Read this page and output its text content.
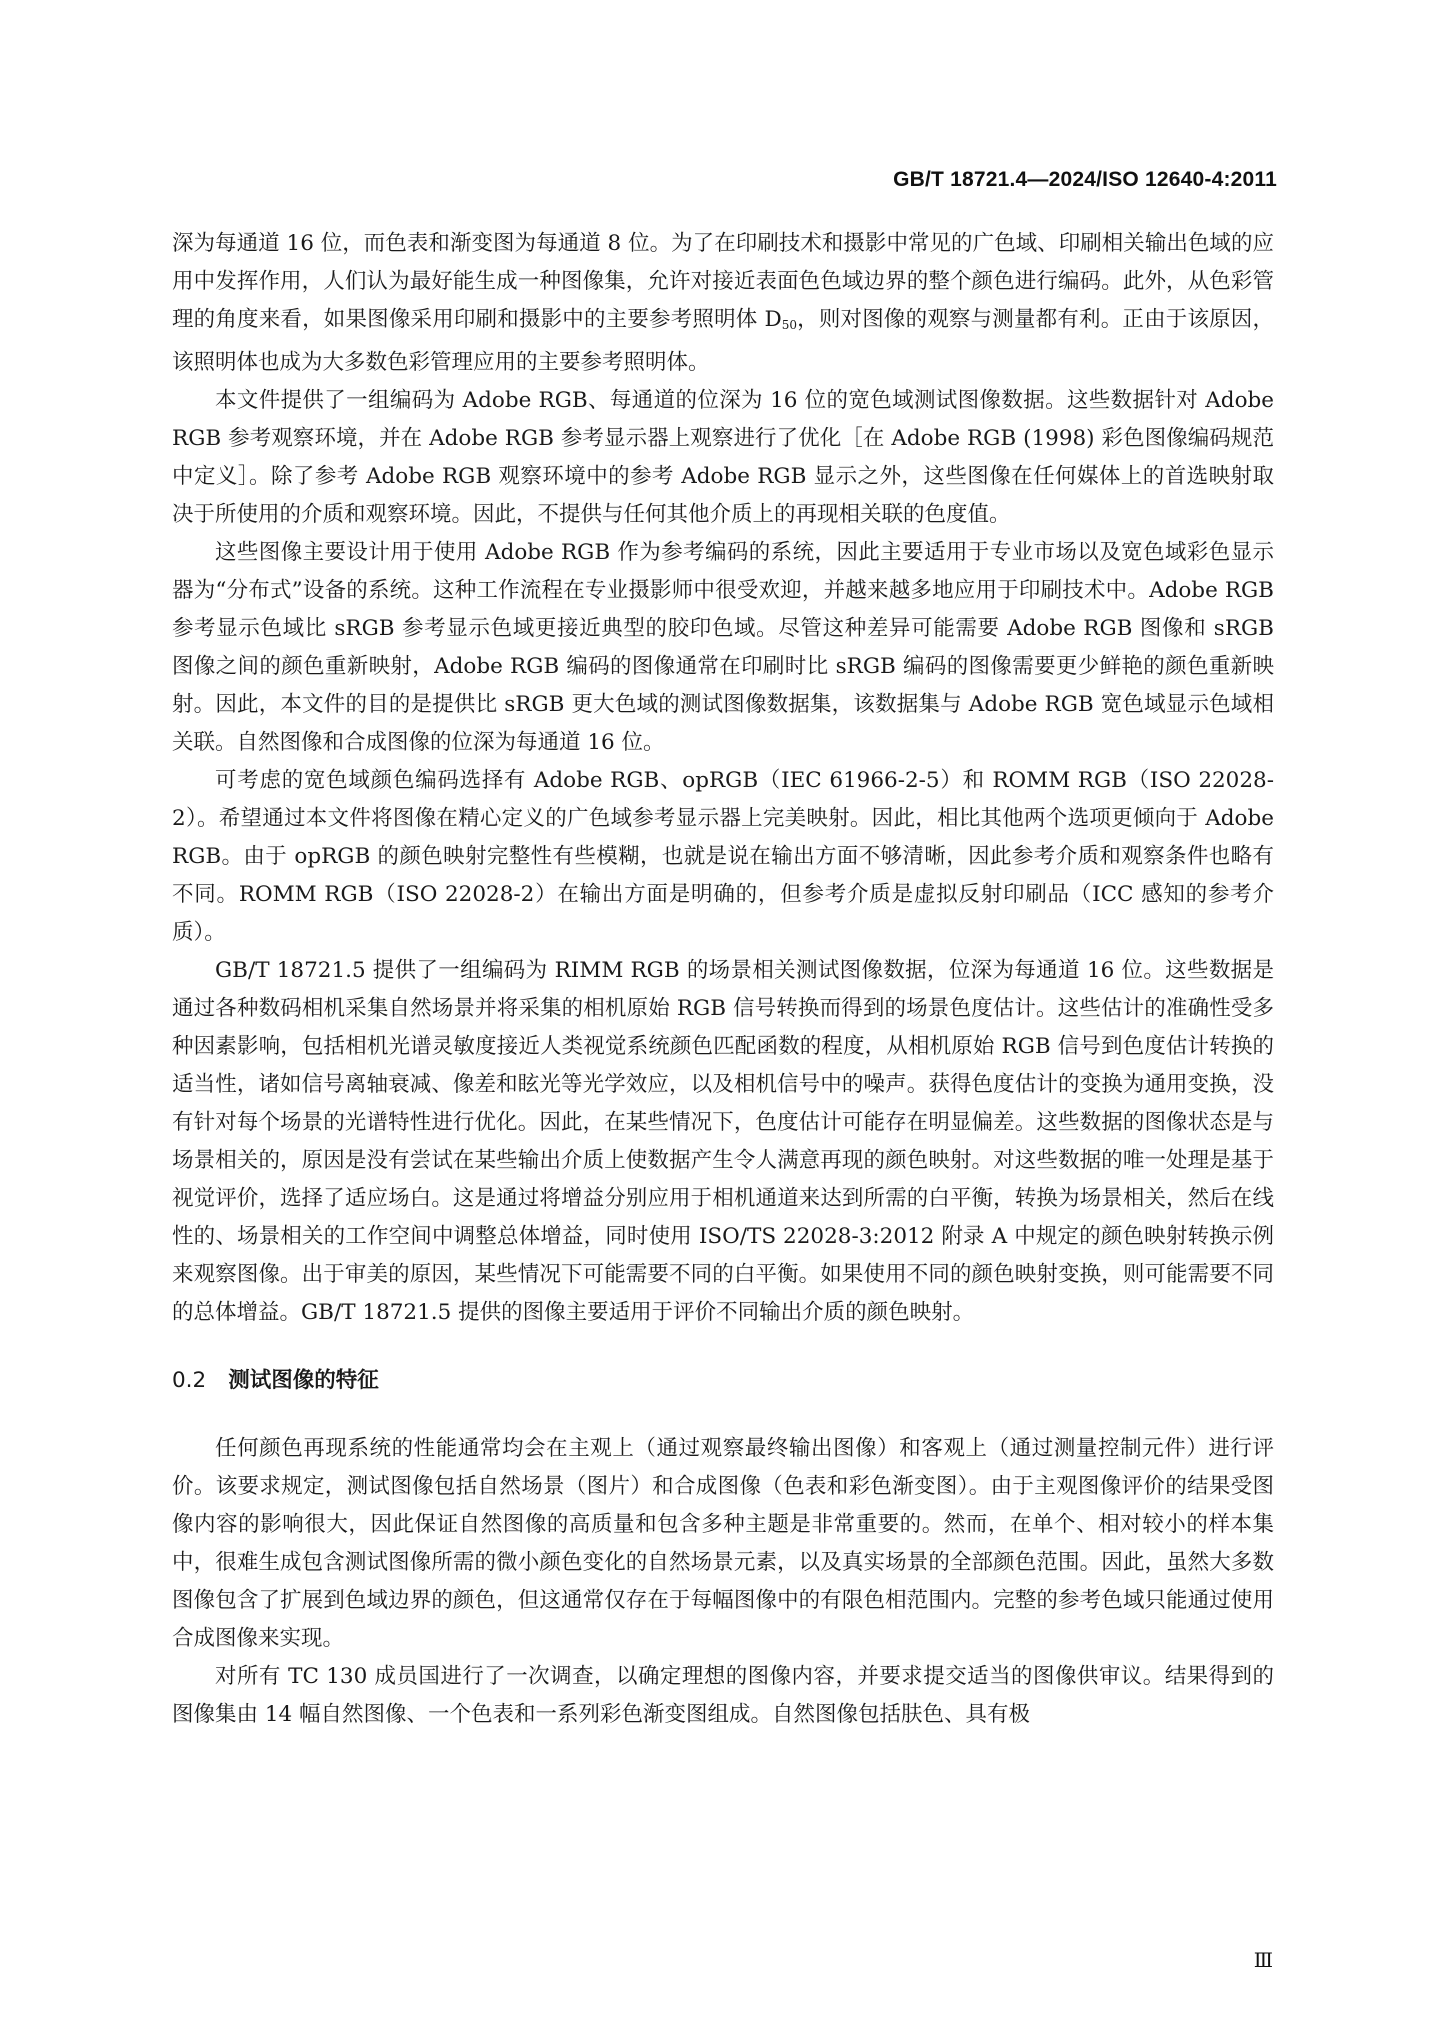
GB/T 18721.4—2024/ISO 12640-4:2011

深为每通道 16 位，而色表和渐变图为每通道 8 位。为了在印刷技术和摄影中常见的广色域、印刷相关输出色域的应用中发挥作用，人们认为最好能生成一种图像集，允许对接近表面色色域边界的整个颜色进行编码。此外，从色彩管理的角度来看，如果图像采用印刷和摄影中的主要参考照明体 $D_{50}$，则对图像的观察与测量都有利。正由于该原因，该照明体也成为大多数色彩管理应用的主要参考照明体。

本文件提供了一组编码为 Adobe RGB、每通道的位深为 16 位的宽色域测试图像数据。这些数据针对 Adobe RGB 参考观察环境，并在 Adobe RGB 参考显示器上观察进行了优化［在 Adobe RGB (1998) 彩色图像编码规范中定义］。除了参考 Adobe RGB 观察环境中的参考 Adobe RGB 显示之外，这些图像在任何媒体上的首选映射取决于所使用的介质和观察环境。因此，不提供与任何其他介质上的再现相关联的色度值。

这些图像主要设计用于使用 Adobe RGB 作为参考编码的系统，因此主要适用于专业市场以及宽色域彩色显示器为“分布式”设备的系统。这种工作流程在专业摄影师中很受欢迎，并越来越多地应用于印刷技术中。Adobe RGB 参考显示色域比 sRGB 参考显示色域更接近典型的胶印色域。尽管这种差异可能需要 Adobe RGB 图像和 sRGB 图像之间的颜色重新映射，Adobe RGB 编码的图像通常在印刷时比 sRGB 编码的图像需要更少鲜艳的颜色重新映射。因此，本文件的目的是提供比 sRGB 更大色域的测试图像数据集，该数据集与 Adobe RGB 宽色域显示色域相关联。自然图像和合成图像的位深为每通道 16 位。

可考虑的宽色域颜色编码选择有 Adobe RGB、opRGB（IEC 61966-2-5）和 ROMM RGB（ISO 22028-2）。希望通过本文件将图像在精心定义的广色域参考显示器上完美映射。因此，相比其他两个选项更倾向于 Adobe RGB。由于 opRGB 的颜色映射完整性有些模糊，也就是说在输出方面不够清晰，因此参考介质和观察条件也略有不同。ROMM RGB（ISO 22028-2）在输出方面是明确的，但参考介质是虚拟反射印刷品（ICC 感知的参考介质）。

GB/T 18721.5 提供了一组编码为 RIMM RGB 的场景相关测试图像数据，位深为每通道 16 位。这些数据是通过各种数码相机采集自然场景并将采集的相机原始 RGB 信号转换而得到的场景色度估计。这些估计的准确性受多种因素影响，包括相机光谱灵敏度接近人类视觉系统颜色匹配函数的程度，从相机原始 RGB 信号到色度估计转换的适当性，诸如信号离轴衰减、像差和眩光等光学效应，以及相机信号中的噪声。获得色度估计的变换为通用变换，没有针对每个场景的光谱特性进行优化。因此，在某些情况下，色度估计可能存在明显偏差。这些数据的图像状态是与场景相关的，原因是没有尝试在某些输出介质上使数据产生令人满意再现的颜色映射。对这些数据的唯一处理是基于视觉评价，选择了适应场白。这是通过将增益分别应用于相机通道来达到所需的白平衡，转换为场景相关，然后在线性的、场景相关的工作空间中调整总体增益，同时使用 ISO/TS 22028-3:2012 附录 A 中规定的颜色映射转换示例来观察图像。出于审美的原因，某些情况下可能需要不同的白平衡。如果使用不同的颜色映射变换，则可能需要不同的总体增益。GB/T 18721.5 提供的图像主要适用于评价不同输出介质的颜色映射。

0.2 测试图像的特征

任何颜色再现系统的性能通常均会在主观上（通过观察最终输出图像）和客观上（通过测量控制元件）进行评价。该要求规定，测试图像包括自然场景（图片）和合成图像（色表和彩色渐变图）。由于主观图像评价的结果受图像内容的影响很大，因此保证自然图像的高质量和包含多种主题是非常重要的。然而，在单个、相对较小的样本集中，很难生成包含测试图像所需的微小颜色变化的自然场景元素，以及真实场景的全部颜色范围。因此，虽然大多数图像包含了扩展到色域边界的颜色，但这通常仅存在于每幅图像中的有限色相范围内。完整的参考色域只能通过使用合成图像来实现。

对所有 TC 130 成员国进行了一次调查，以确定理想的图像内容，并要求提交适当的图像供审议。结果得到的图像集由 14 幅自然图像、一个色表和一系列彩色渐变图组成。自然图像包括肤色、具有极

Ⅲ
